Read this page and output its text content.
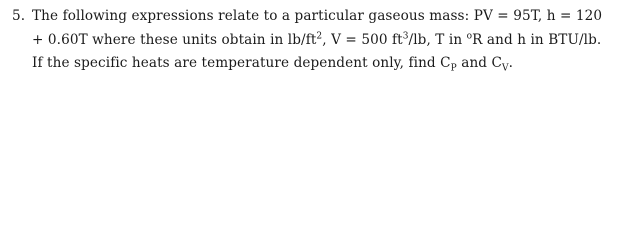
5. The following expressions relate to a particular gaseous mass: PV = 95T, h = 120
+ 0.60T where these units obtain in $lb/ft^2$, V = 500 $ft^3/lb$, T in $^o$R and h in BTU/lb.
If the specific heats are temperature dependent only, find $C_P$ and $C_V$.
